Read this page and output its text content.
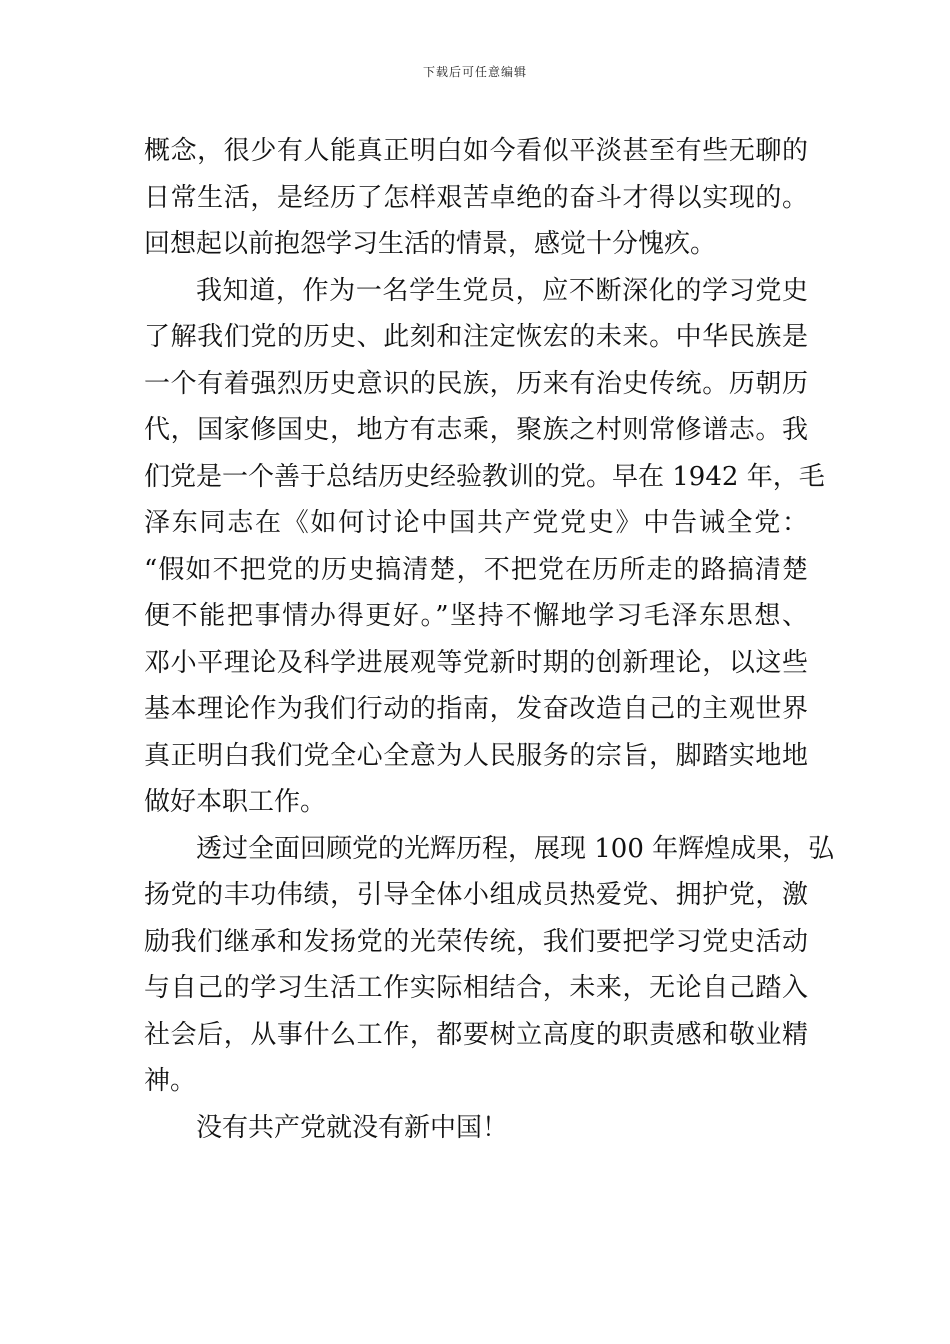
下载后可任意编辑
概念，很少有人能真正明白如今看似平淡甚至有些无聊的
日常生活，是经历了怎样艰苦卓绝的奋斗才得以实现的。
回想起以前抱怨学习生活的情景，感觉十分愧疚。
我知道，作为一名学生党员，应不断深化的学习党史
了解我们党的历史、此刻和注定恢宏的未来。中华民族是
一个有着强烈历史意识的民族，历来有治史传统。历朝历
代，国家修国史，地方有志乘，聚族之村则常修谱志。我
们党是一个善于总结历史经验教训的党。早在 1942 年，毛
泽东同志在《如何讨论中国共产党党史》中告诫全党：
“假如不把党的历史搞清楚，不把党在历所走的路搞清楚
便不能把事情办得更好。”坚持不懈地学习毛泽东思想、
邓小平理论及科学进展观等党新时期的创新理论，以这些
基本理论作为我们行动的指南，发奋改造自己的主观世界
真正明白我们党全心全意为人民服务的宗旨，脚踏实地地
做好本职工作。
透过全面回顾党的光辉历程，展现 100 年辉煌成果，弘
扬党的丰功伟绩，引导全体小组成员热爱党、拥护党，激
励我们继承和发扬党的光荣传统，我们要把学习党史活动
与自己的学习生活工作实际相结合，未来，无论自己踏入
社会后，从事什么工作，都要树立高度的职责感和敬业精
神。
没有共产党就没有新中国！
